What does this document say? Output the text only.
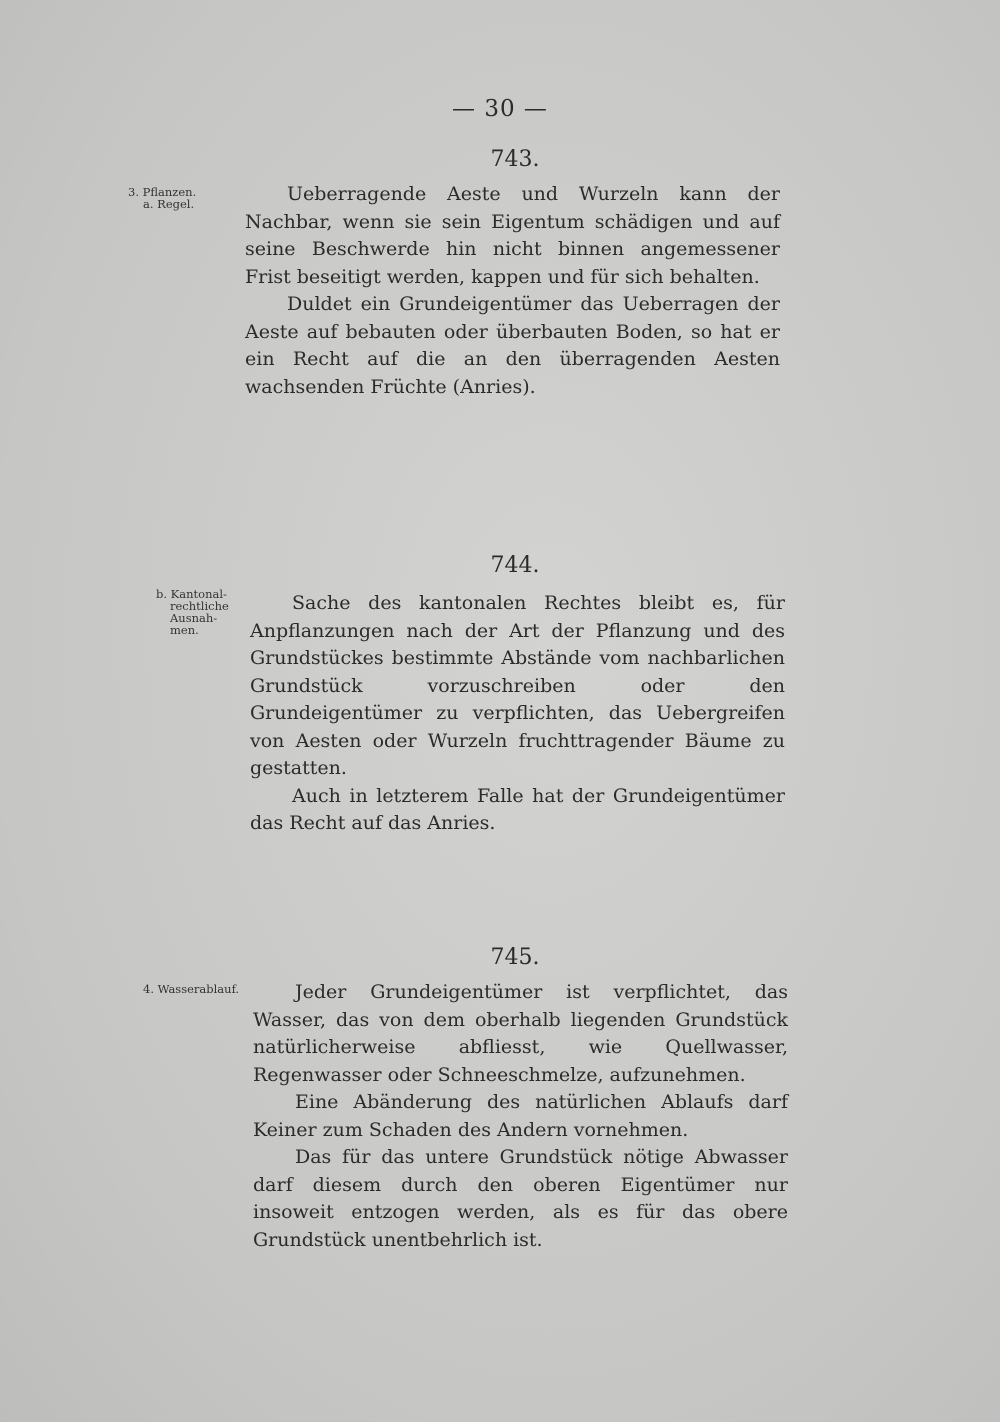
— 30 —
743.
3. Pflanzen.
a. Regel.	Ueberragende Aeste und Wurzeln kann der Nachbar, wenn sie sein Eigentum schädigen und auf seine Beschwerde hin nicht binnen angemessener Frist beseitigt werden, kappen und für sich behalten.

Duldet ein Grundeigentümer das Ueberragen der Aeste auf bebauten oder überbauten Boden, so hat er ein Recht auf die an den überragenden Aesten wachsenden Früchte (Anries).

744.
b. Kantonal-
rechtliche
Ausnah-
men.

Sache des kantonalen Rechtes bleibt es, für Anpflanzungen nach der Art der Pflanzung und des Grundstückes bestimmte Abstände vom nachbarlichen Grundstück vorzuschreiben oder den Grundeigentümer zu verpflichten, das Uebergreifen von Aesten oder Wurzeln fruchttragender Bäume zu gestatten.

Auch in letzterem Falle hat der Grundeigentümer das Recht auf das Anries.

745.
4. Wasserablauf.	Jeder Grundeigentümer ist verpflichtet, das Wasser, das von dem oberhalb liegenden Grundstück natürlicherweise abfliesst, wie Quellwasser, Regenwasser oder Schneeschmelze, aufzunehmen.

Eine Abänderung des natürlichen Ablaufs darf Keiner zum Schaden des Andern vornehmen.

Das für das untere Grundstück nötige Abwasser darf diesem durch den oberen Eigentümer nur insoweit entzogen werden, als es für das obere Grundstück unentbehrlich ist.
